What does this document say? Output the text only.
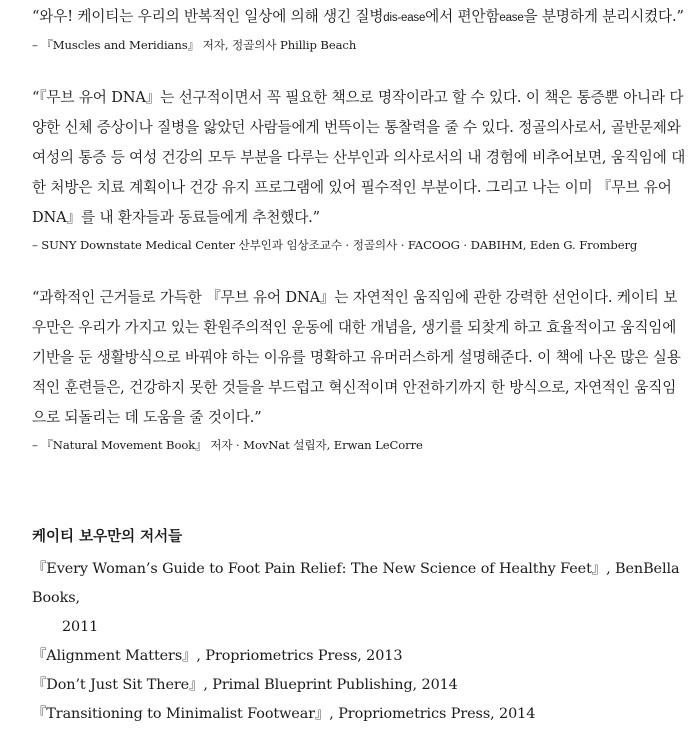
“와우! 케이티는 우리의 반복적인 일상에 의해 생긴 질병dis-ease에서 편안함ease을 분명하게 분리시켰다.”

– 『Muscles and Meridians』 저자, 정골의사 Phillip Beach

“『무브 유어 DNA』는 선구적이면서 꼭 필요한 책으로 명작이라고 할 수 있다. 이 책은 통증뿐 아니라 다양한 신체 증상이나 질병을 앓았던 사람들에게 번뜩이는 통찰력을 줄 수 있다. 정골의사로서, 골반문제와 여성의 통증 등 여성 건강의 모두 부분을 다루는 산부인과 의사로서의 내 경험에 비추어보면, 움직임에 대한 처방은 치료 계획이나 건강 유지 프로그램에 있어 필수적인 부분이다. 그리고 나는 이미 『무브 유어 DNA』를 내 환자들과 동료들에게 추천했다.”

– SUNY Downstate Medical Center 산부인과 임상조교수 · 정골의사 · FACOOG · DABIHM, Eden G. Fromberg

“과학적인 근거들로 가득한 『무브 유어 DNA』는 자연적인 움직임에 관한 강력한 선언이다. 케이티 보우만은 우리가 가지고 있는 환원주의적인 운동에 대한 개념을, 생기를 되찾게 하고 효율적이고 움직임에 기반을 둔 생활방식으로 바꿔야 하는 이유를 명확하고 유머러스하게 설명해준다. 이 책에 나온 많은 실용적인 훈련들은, 건강하지 못한 것들을 부드럽고 혁신적이며 안전하기까지 한 방식으로, 자연적인 움직임으로 되돌리는 데 도움을 줄 것이다.”

– 『Natural Movement Book』 저자 · MovNat 설립자, Erwan LeCorre

케이티 보우만의 저서들
『Every Woman’s Guide to Foot Pain Relief: The New Science of Healthy Feet』, BenBella Books,
2011
『Alignment Matters』, Propriometrics Press, 2013
『Don’t Just Sit There』, Primal Blueprint Publishing, 2014
『Transitioning to Minimalist Footwear』, Propriometrics Press, 2014
